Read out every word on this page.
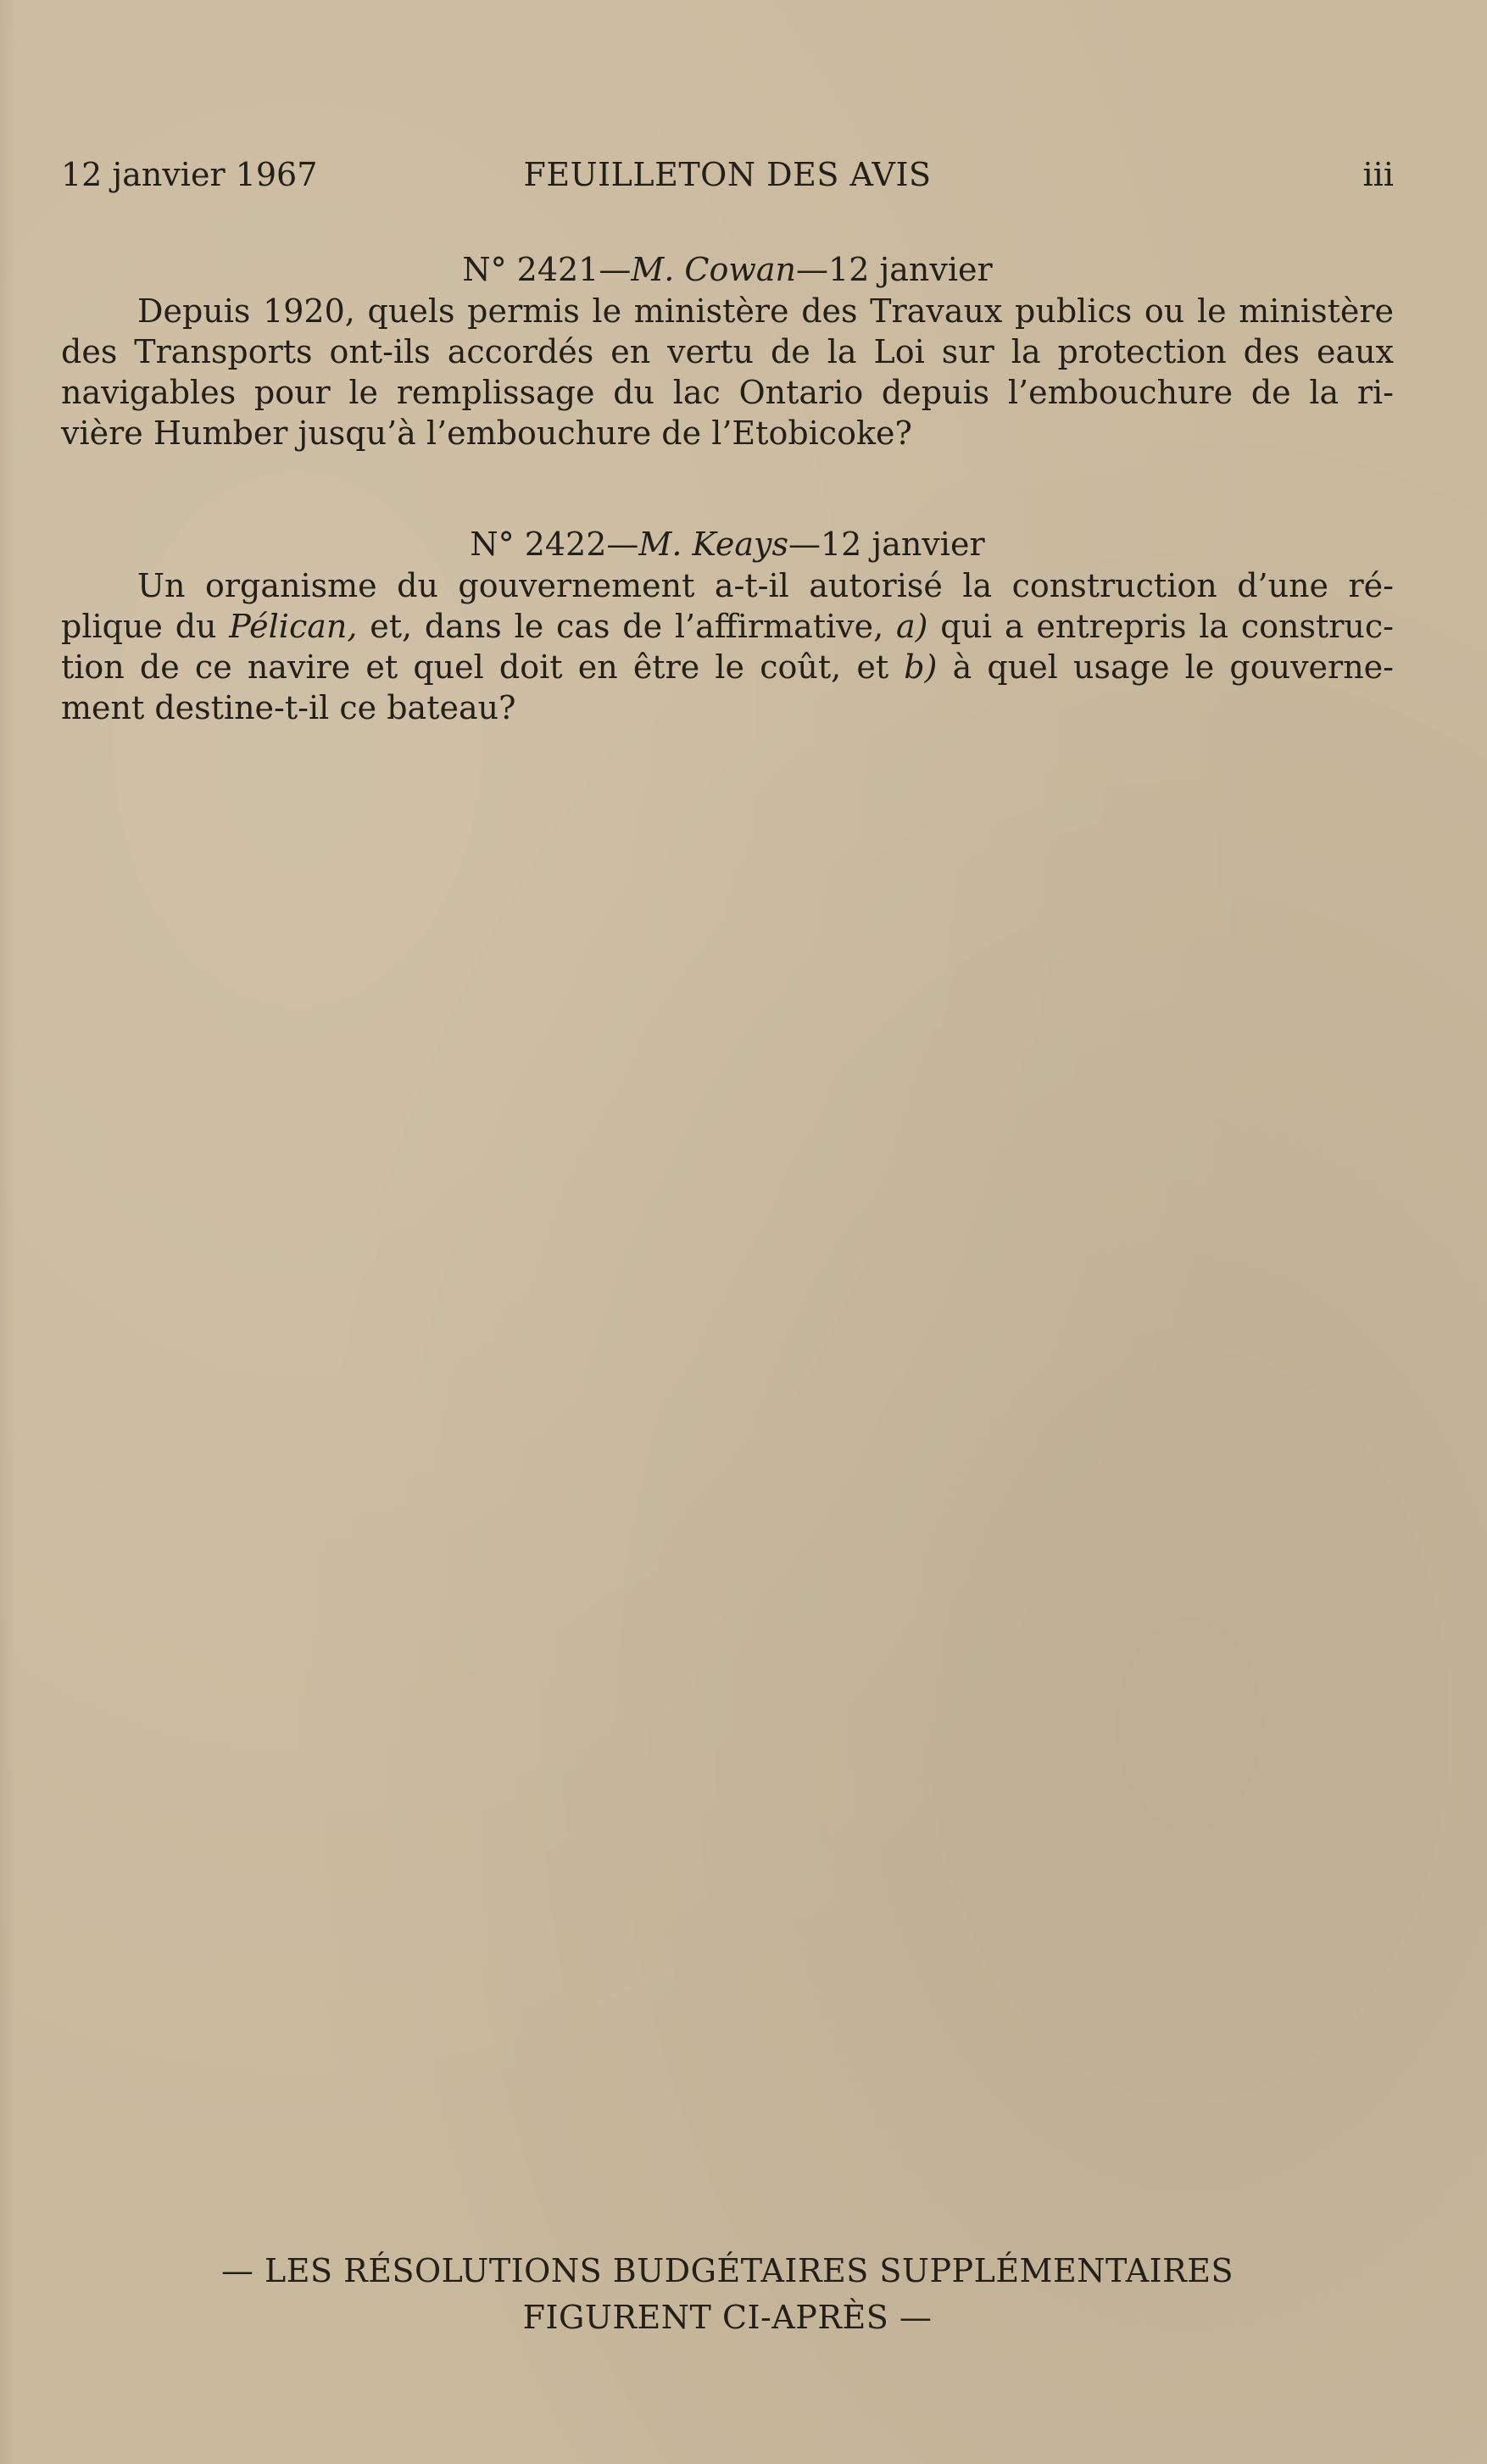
12 janvier 1967	FEUILLETON DES AVIS	iii
N° 2421—M. Cowan—12 janvier
Depuis 1920, quels permis le ministère des Travaux publics ou le ministère
des Transports ont-ils accordés en vertu de la Loi sur la protection des eaux
navigables pour le remplissage du lac Ontario depuis l’embouchure de la ri-
vière Humber jusqu’à l’embouchure de l’Etobicoke?
N° 2422—M. Keays—12 janvier
Un organisme du gouvernement a-t-il autorisé la construction d’une ré-
plique du Pélican, et, dans le cas de l’affirmative, a) qui a entrepris la construc-
tion de ce navire et quel doit en être le coût, et b) à quel usage le gouverne-
ment destine-t-il ce bateau?
— LES RÉSOLUTIONS BUDGÉTAIRES SUPPLÉMENTAIRES
FIGURENT CI-APRÈS —
